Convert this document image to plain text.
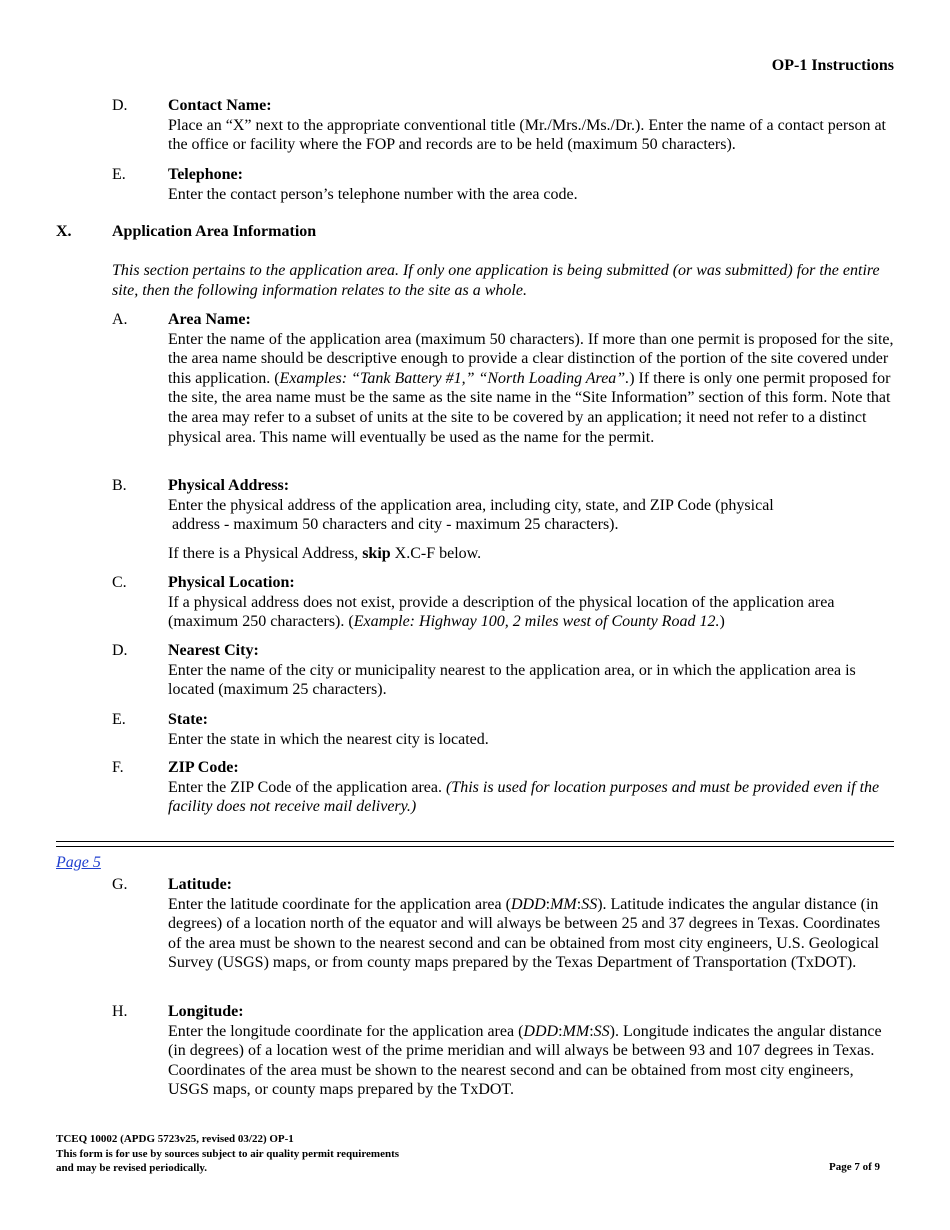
OP-1 Instructions
D.	Contact Name:
Place an “X” next to the appropriate conventional title (Mr./Mrs./Ms./Dr.). Enter the name of a contact person at the office or facility where the FOP and records are to be held (maximum 50 characters).
E.	Telephone:
Enter the contact person’s telephone number with the area code.
X.	Application Area Information
This section pertains to the application area. If only one application is being submitted (or was submitted) for the entire site, then the following information relates to the site as a whole.
A.	Area Name:
Enter the name of the application area (maximum 50 characters). If more than one permit is proposed for the site, the area name should be descriptive enough to provide a clear distinction of the portion of the site covered under this application. (Examples: “Tank Battery #1,” “North Loading Area”.) If there is only one permit proposed for the site, the area name must be the same as the site name in the “Site Information” section of this form. Note that the area may refer to a subset of units at the site to be covered by an application; it need not refer to a distinct physical area. This name will eventually be used as the name for the permit.
B.	Physical Address:
Enter the physical address of the application area, including city, state, and ZIP Code (physical
address - maximum 50 characters and city - maximum 25 characters).
If there is a Physical Address, skip X.C-F below.
C.	Physical Location:
If a physical address does not exist, provide a description of the physical location of the application area (maximum 250 characters). (Example: Highway 100, 2 miles west of County Road 12.)
D.	Nearest City:
Enter the name of the city or municipality nearest to the application area, or in which the application area is located (maximum 25 characters).
E.	State:
Enter the state in which the nearest city is located.
F.	ZIP Code:
Enter the ZIP Code of the application area. (This is used for location purposes and must be provided even if the facility does not receive mail delivery.)
Page 5
G.	Latitude:
Enter the latitude coordinate for the application area (DDD:MM:SS). Latitude indicates the angular distance (in degrees) of a location north of the equator and will always be between 25 and 37 degrees in Texas. Coordinates of the area must be shown to the nearest second and can be obtained from most city engineers, U.S. Geological Survey (USGS) maps, or from county maps prepared by the Texas Department of Transportation (TxDOT).
H.	Longitude:
Enter the longitude coordinate for the application area (DDD:MM:SS). Longitude indicates the angular distance (in degrees) of a location west of the prime meridian and will always be between 93 and 107 degrees in Texas. Coordinates of the area must be shown to the nearest second and can be obtained from most city engineers, USGS maps, or county maps prepared by the TxDOT.
TCEQ 10002 (APDG 5723v25, revised 03/22) OP-1
This form is for use by sources subject to air quality permit requirements
and may be revised periodically.	Page 7 of 9
